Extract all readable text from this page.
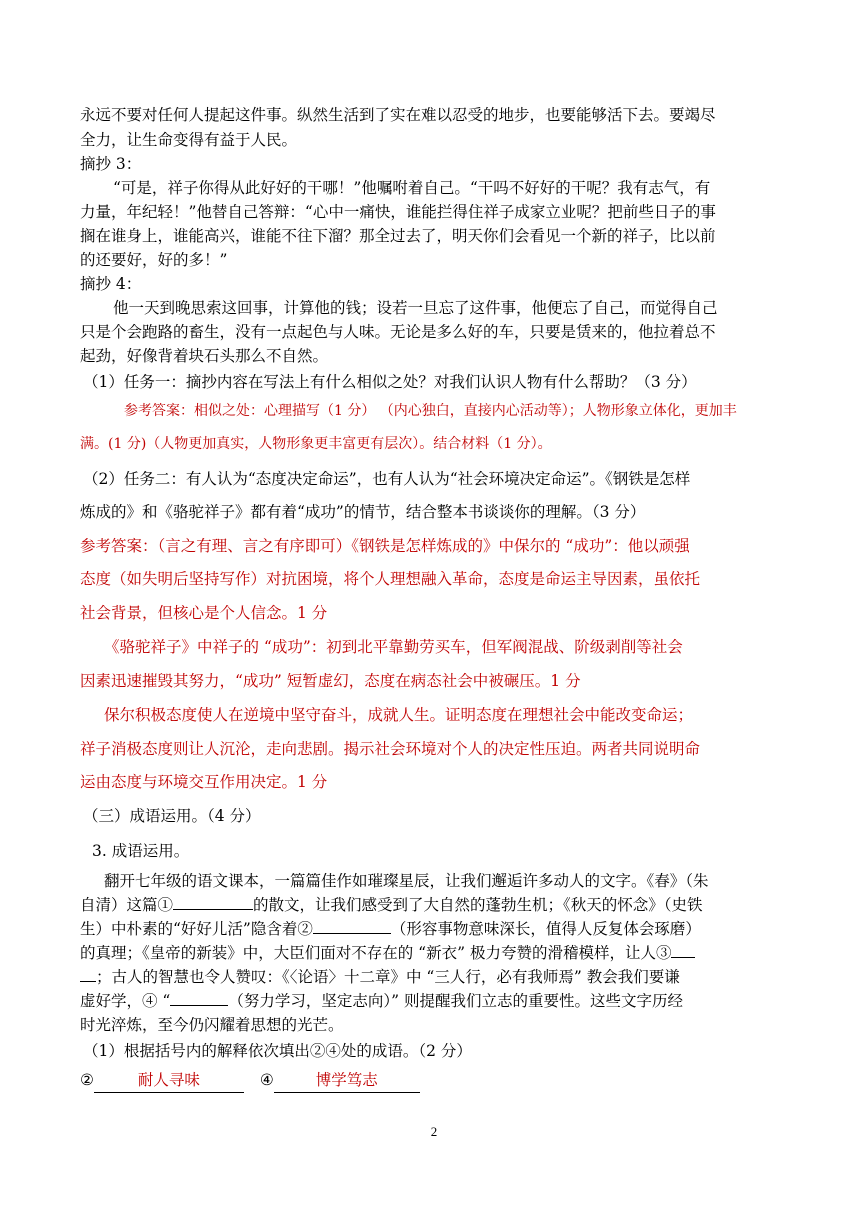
永远不要对任何人提起这件事。纵然生活到了实在难以忍受的地步，也要能够活下去。要竭尽
全力，让生命变得有益于人民。
摘抄 3：
“可是，祥子你得从此好好的干哪！”他嘱咐着自己。“干吗不好好的干呢？我有志气，有
力量，年纪轻！”他替自己答辩：“心中一痛快，谁能拦得住祥子成家立业呢？把前些日子的事
搁在谁身上，谁能高兴，谁能不往下溜？那全过去了，明天你们会看见一个新的祥子，比以前
的还要好，好的多！”
摘抄 4：
他一天到晚思索这回事，计算他的钱；设若一旦忘了这件事，他便忘了自己，而觉得自己
只是个会跑路的畜生，没有一点起色与人味。无论是多么好的车，只要是赁来的，他拉着总不
起劲，好像背着块石头那么不自然。
（1）任务一：摘抄内容在写法上有什么相似之处？对我们认识人物有什么帮助？（3 分）
参考答案：相似之处：心理描写（1 分） （内心独白，直接内心活动等）；人物形象立体化，更加丰
满。(1 分)（人物更加真实，人物形象更丰富更有层次）。结合材料（1 分）。
（2）任务二：有人认为“态度决定命运”，也有人认为“社会环境决定命运”。《钢铁是怎样
炼成的》和《骆驼祥子》都有着“成功”的情节，结合整本书谈谈你的理解。（3 分）
参考答案：（言之有理、言之有序即可）《钢铁是怎样炼成的》中保尔的 “成功”：他以顽强
态度（如失明后坚持写作）对抗困境，将个人理想融入革命，态度是命运主导因素，虽依托
社会背景，但核心是个人信念。1 分
《骆驼祥子》中祥子的 “成功”：初到北平靠勤劳买车，但军阀混战、阶级剥削等社会
因素迅速摧毁其努力，“成功” 短暂虚幻，态度在病态社会中被碾压。1 分
保尔积极态度使人在逆境中坚守奋斗，成就人生。证明态度在理想社会中能改变命运；
祥子消极态度则让人沉沦，走向悲剧。揭示社会环境对个人的决定性压迫。两者共同说明命
运由态度与环境交互作用决定。1 分
（三）成语运用。（4 分）
3. 成语运用。
翻开七年级的语文课本，一篇篇佳作如璀璨星辰，让我们邂逅许多动人的文字。《春》（朱
自清）这篇①	的散文，让我们感受到了大自然的蓬勃生机；《秋天的怀念》（史铁
生）中朴素的“好好儿活”隐含着②	（形容事物意味深长，值得人反复体会琢磨）
的真理；《皇帝的新装》中，大臣们面对不存在的 “新衣” 极力夸赞的滑稽模样，让人③
；古人的智慧也令人赞叹：《〈论语〉十二章》中 “三人行，必有我师焉” 教会我们要谦
虚好学，④ “	（努力学习，坚定志向）” 则提醒我们立志的重要性。这些文字历经
时光淬炼，至今仍闪耀着思想的光芒。
（1）根据括号内的解释依次填出②④处的成语。（2 分）
②	耐人寻味	④	博学笃志
2
